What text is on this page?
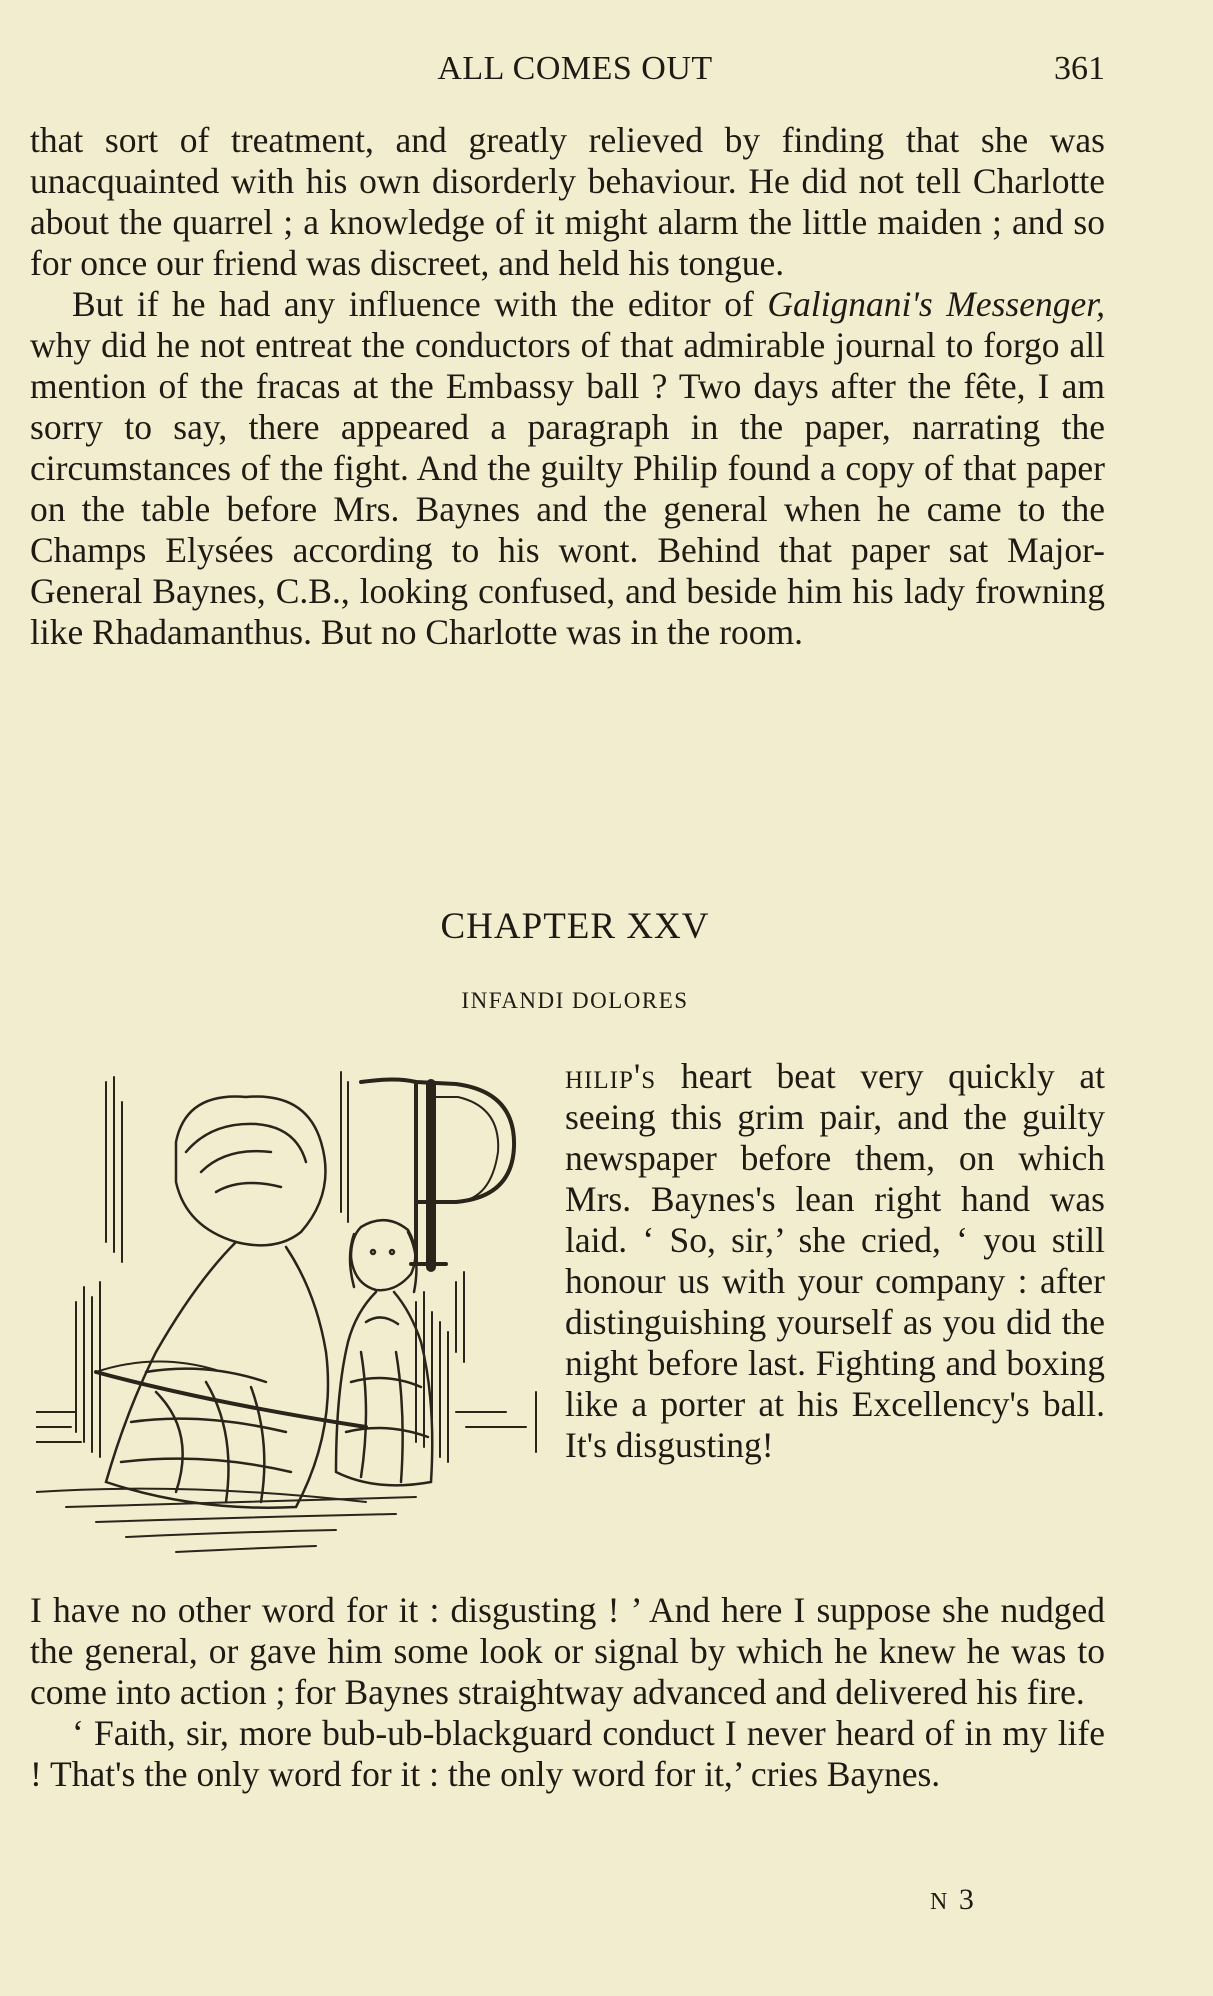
ALL COMES OUT	361

that sort of treatment, and greatly relieved by finding that she was unacquainted with his own disorderly behaviour. He did not tell Charlotte about the quarrel ; a knowledge of it might alarm the little maiden ; and so for once our friend was discreet, and held his tongue.

But if he had any influence with the editor of Galignani's Messenger, why did he not entreat the conductors of that admirable journal to forgo all mention of the fracas at the Embassy ball ? Two days after the fête, I am sorry to say, there appeared a paragraph in the paper, narrating the circumstances of the fight. And the guilty Philip found a copy of that paper on the table before Mrs. Baynes and the general when he came to the Champs Elysées according to his wont. Behind that paper sat Major-General Baynes, C.B., looking confused, and beside him his lady frowning like Rhadamanthus. But no Charlotte was in the room.

CHAPTER XXV
INFANDI DOLORES
hilip's heart beat very quickly at seeing this grim pair, and the guilty newspaper before them, on which Mrs. Baynes's lean right hand was laid. ‘ So, sir,’ she cried, ‘ you still honour us with your company : after distinguishing yourself as you did the night before last. Fighting and boxing like a porter at his Excellency's ball. It's disgusting!

I have no other word for it : disgusting ! ’ And here I suppose she nudged the general, or gave him some look or signal by which he knew he was to come into action ; for Baynes straightway advanced and delivered his fire.

‘ Faith, sir, more bub-ub-blackguard conduct I never heard of in my life ! That's the only word for it : the only word for it,’ cries Baynes.

N 3
